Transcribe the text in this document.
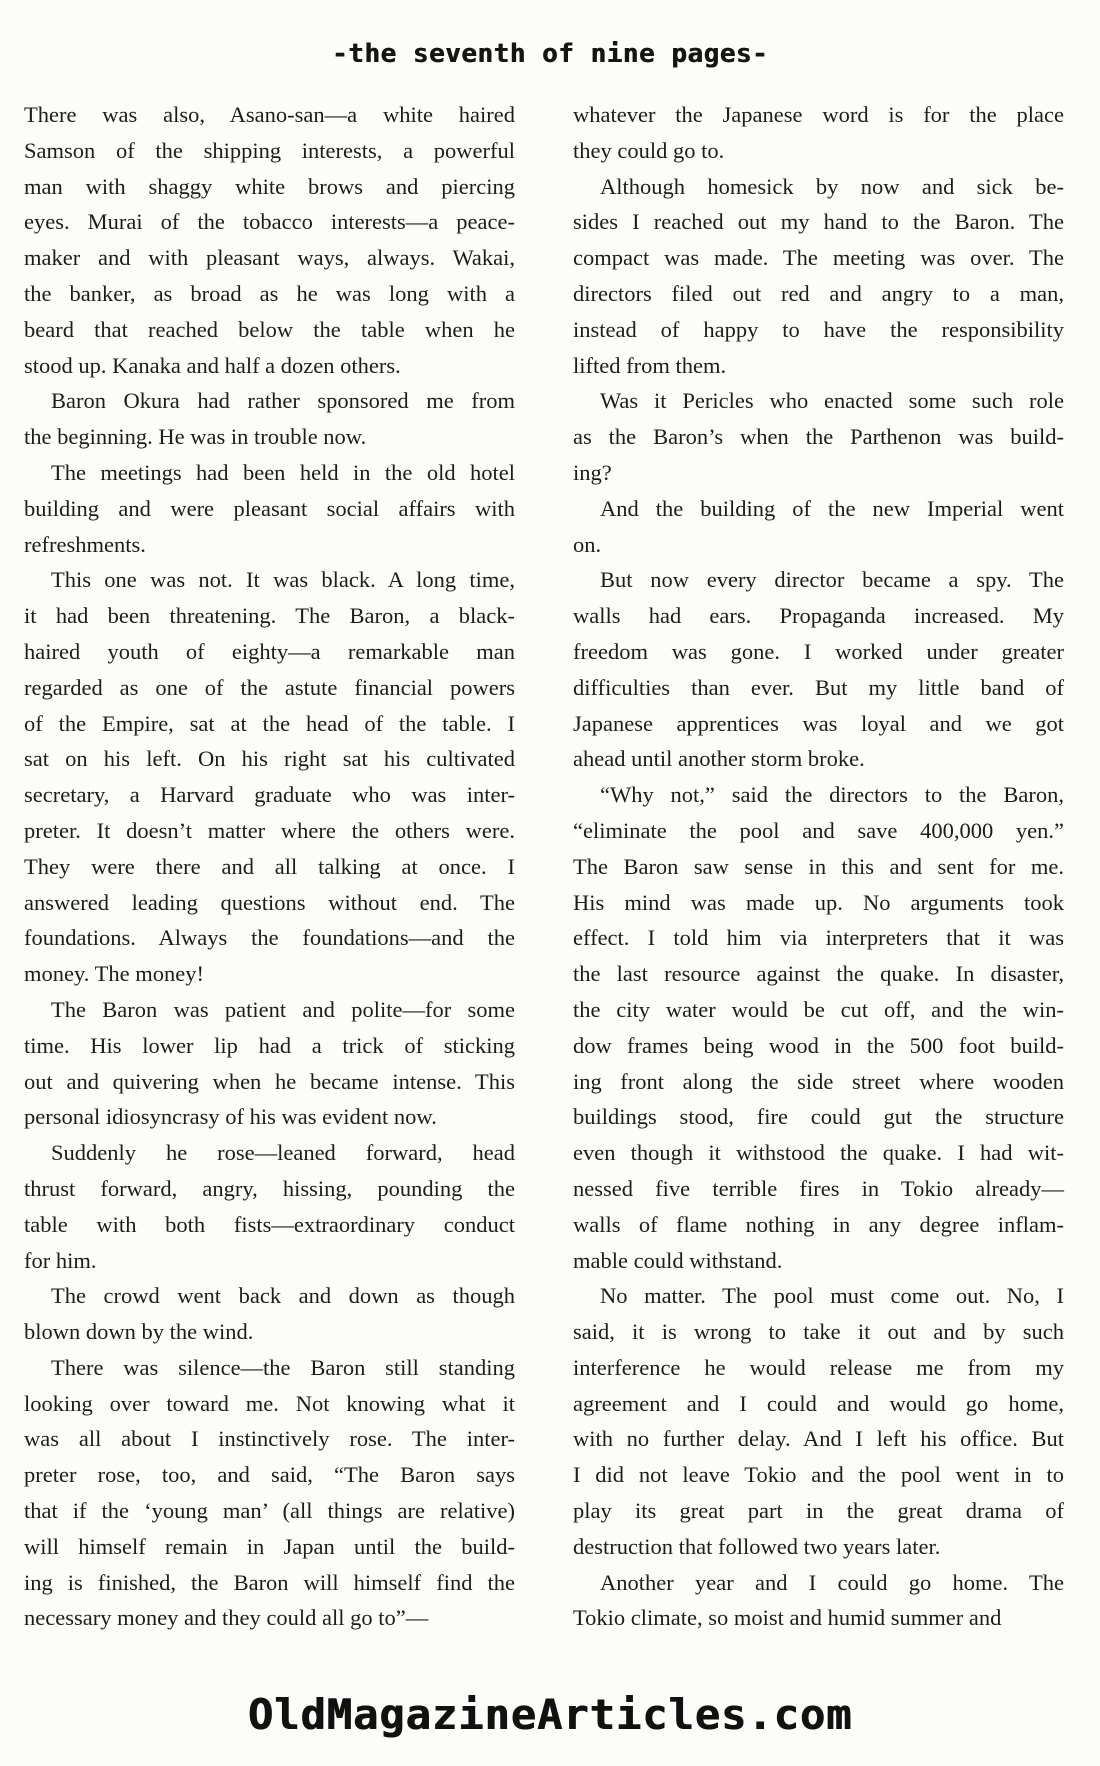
-the seventh of nine pages-
There was also, Asano-san—a white haired
Samson of the shipping interests, a powerful
man with shaggy white brows and piercing
eyes. Murai of the tobacco interests—a peace-
maker and with pleasant ways, always. Wakai,
the banker, as broad as he was long with a
beard that reached below the table when he
stood up. Kanaka and half a dozen others.
Baron Okura had rather sponsored me from
the beginning. He was in trouble now.
The meetings had been held in the old hotel
building and were pleasant social affairs with
refreshments.
This one was not. It was black. A long time,
it had been threatening. The Baron, a black-
haired youth of eighty—a remarkable man
regarded as one of the astute financial powers
of the Empire, sat at the head of the table. I
sat on his left. On his right sat his cultivated
secretary, a Harvard graduate who was inter-
preter. It doesn’t matter where the others were.
They were there and all talking at once. I
answered leading questions without end. The
foundations. Always the foundations—and the
money. The money!
The Baron was patient and polite—for some
time. His lower lip had a trick of sticking
out and quivering when he became intense. This
personal idiosyncrasy of his was evident now.
Suddenly he rose—leaned forward, head
thrust forward, angry, hissing, pounding the
table with both fists—extraordinary conduct
for him.
The crowd went back and down as though
blown down by the wind.
There was silence—the Baron still standing
looking over toward me. Not knowing what it
was all about I instinctively rose. The inter-
preter rose, too, and said, “The Baron says
that if the ‘young man’ (all things are relative)
will himself remain in Japan until the build-
ing is finished, the Baron will himself find the
necessary money and they could all go to”—
whatever the Japanese word is for the place
they could go to.
Although homesick by now and sick be-
sides I reached out my hand to the Baron. The
compact was made. The meeting was over. The
directors filed out red and angry to a man,
instead of happy to have the responsibility
lifted from them.
Was it Pericles who enacted some such role
as the Baron’s when the Parthenon was build-
ing?
And the building of the new Imperial went
on.
But now every director became a spy. The
walls had ears. Propaganda increased. My
freedom was gone. I worked under greater
difficulties than ever. But my little band of
Japanese apprentices was loyal and we got
ahead until another storm broke.
“Why not,” said the directors to the Baron,
“eliminate the pool and save 400,000 yen.”
The Baron saw sense in this and sent for me.
His mind was made up. No arguments took
effect. I told him via interpreters that it was
the last resource against the quake. In disaster,
the city water would be cut off, and the win-
dow frames being wood in the 500 foot build-
ing front along the side street where wooden
buildings stood, fire could gut the structure
even though it withstood the quake. I had wit-
nessed five terrible fires in Tokio already—
walls of flame nothing in any degree inflam-
mable could withstand.
No matter. The pool must come out. No, I
said, it is wrong to take it out and by such
interference he would release me from my
agreement and I could and would go home,
with no further delay. And I left his office. But
I did not leave Tokio and the pool went in to
play its great part in the great drama of
destruction that followed two years later.
Another year and I could go home. The
Tokio climate, so moist and humid summer and
OldMagazineArticles.com
